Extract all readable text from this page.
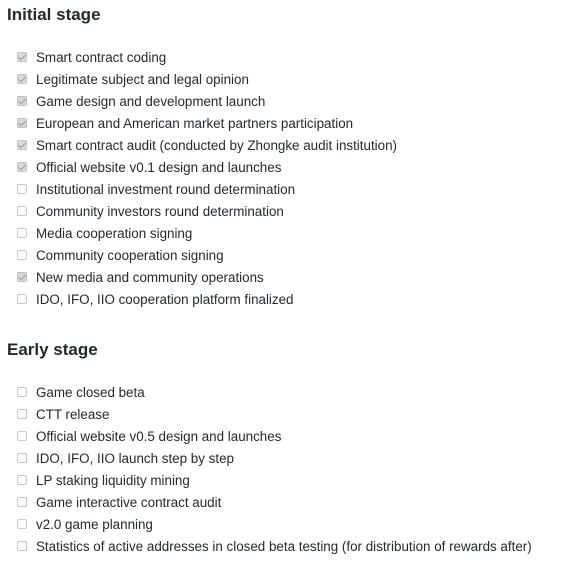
Initial stage
Smart contract coding
Legitimate subject and legal opinion
Game design and development launch
European and American market partners participation
Smart contract audit (conducted by Zhongke audit institution)
Official website v0.1 design and launches
Institutional investment round determination
Community investors round determination
Media cooperation signing
Community cooperation signing
New media and community operations
IDO, IFO, IIO cooperation platform finalized
Early stage
Game closed beta
CTT release
Official website v0.5 design and launches
IDO, IFO, IIO launch step by step
LP staking liquidity mining
Game interactive contract audit
v2.0 game planning
Statistics of active addresses in closed beta testing (for distribution of rewards after)
